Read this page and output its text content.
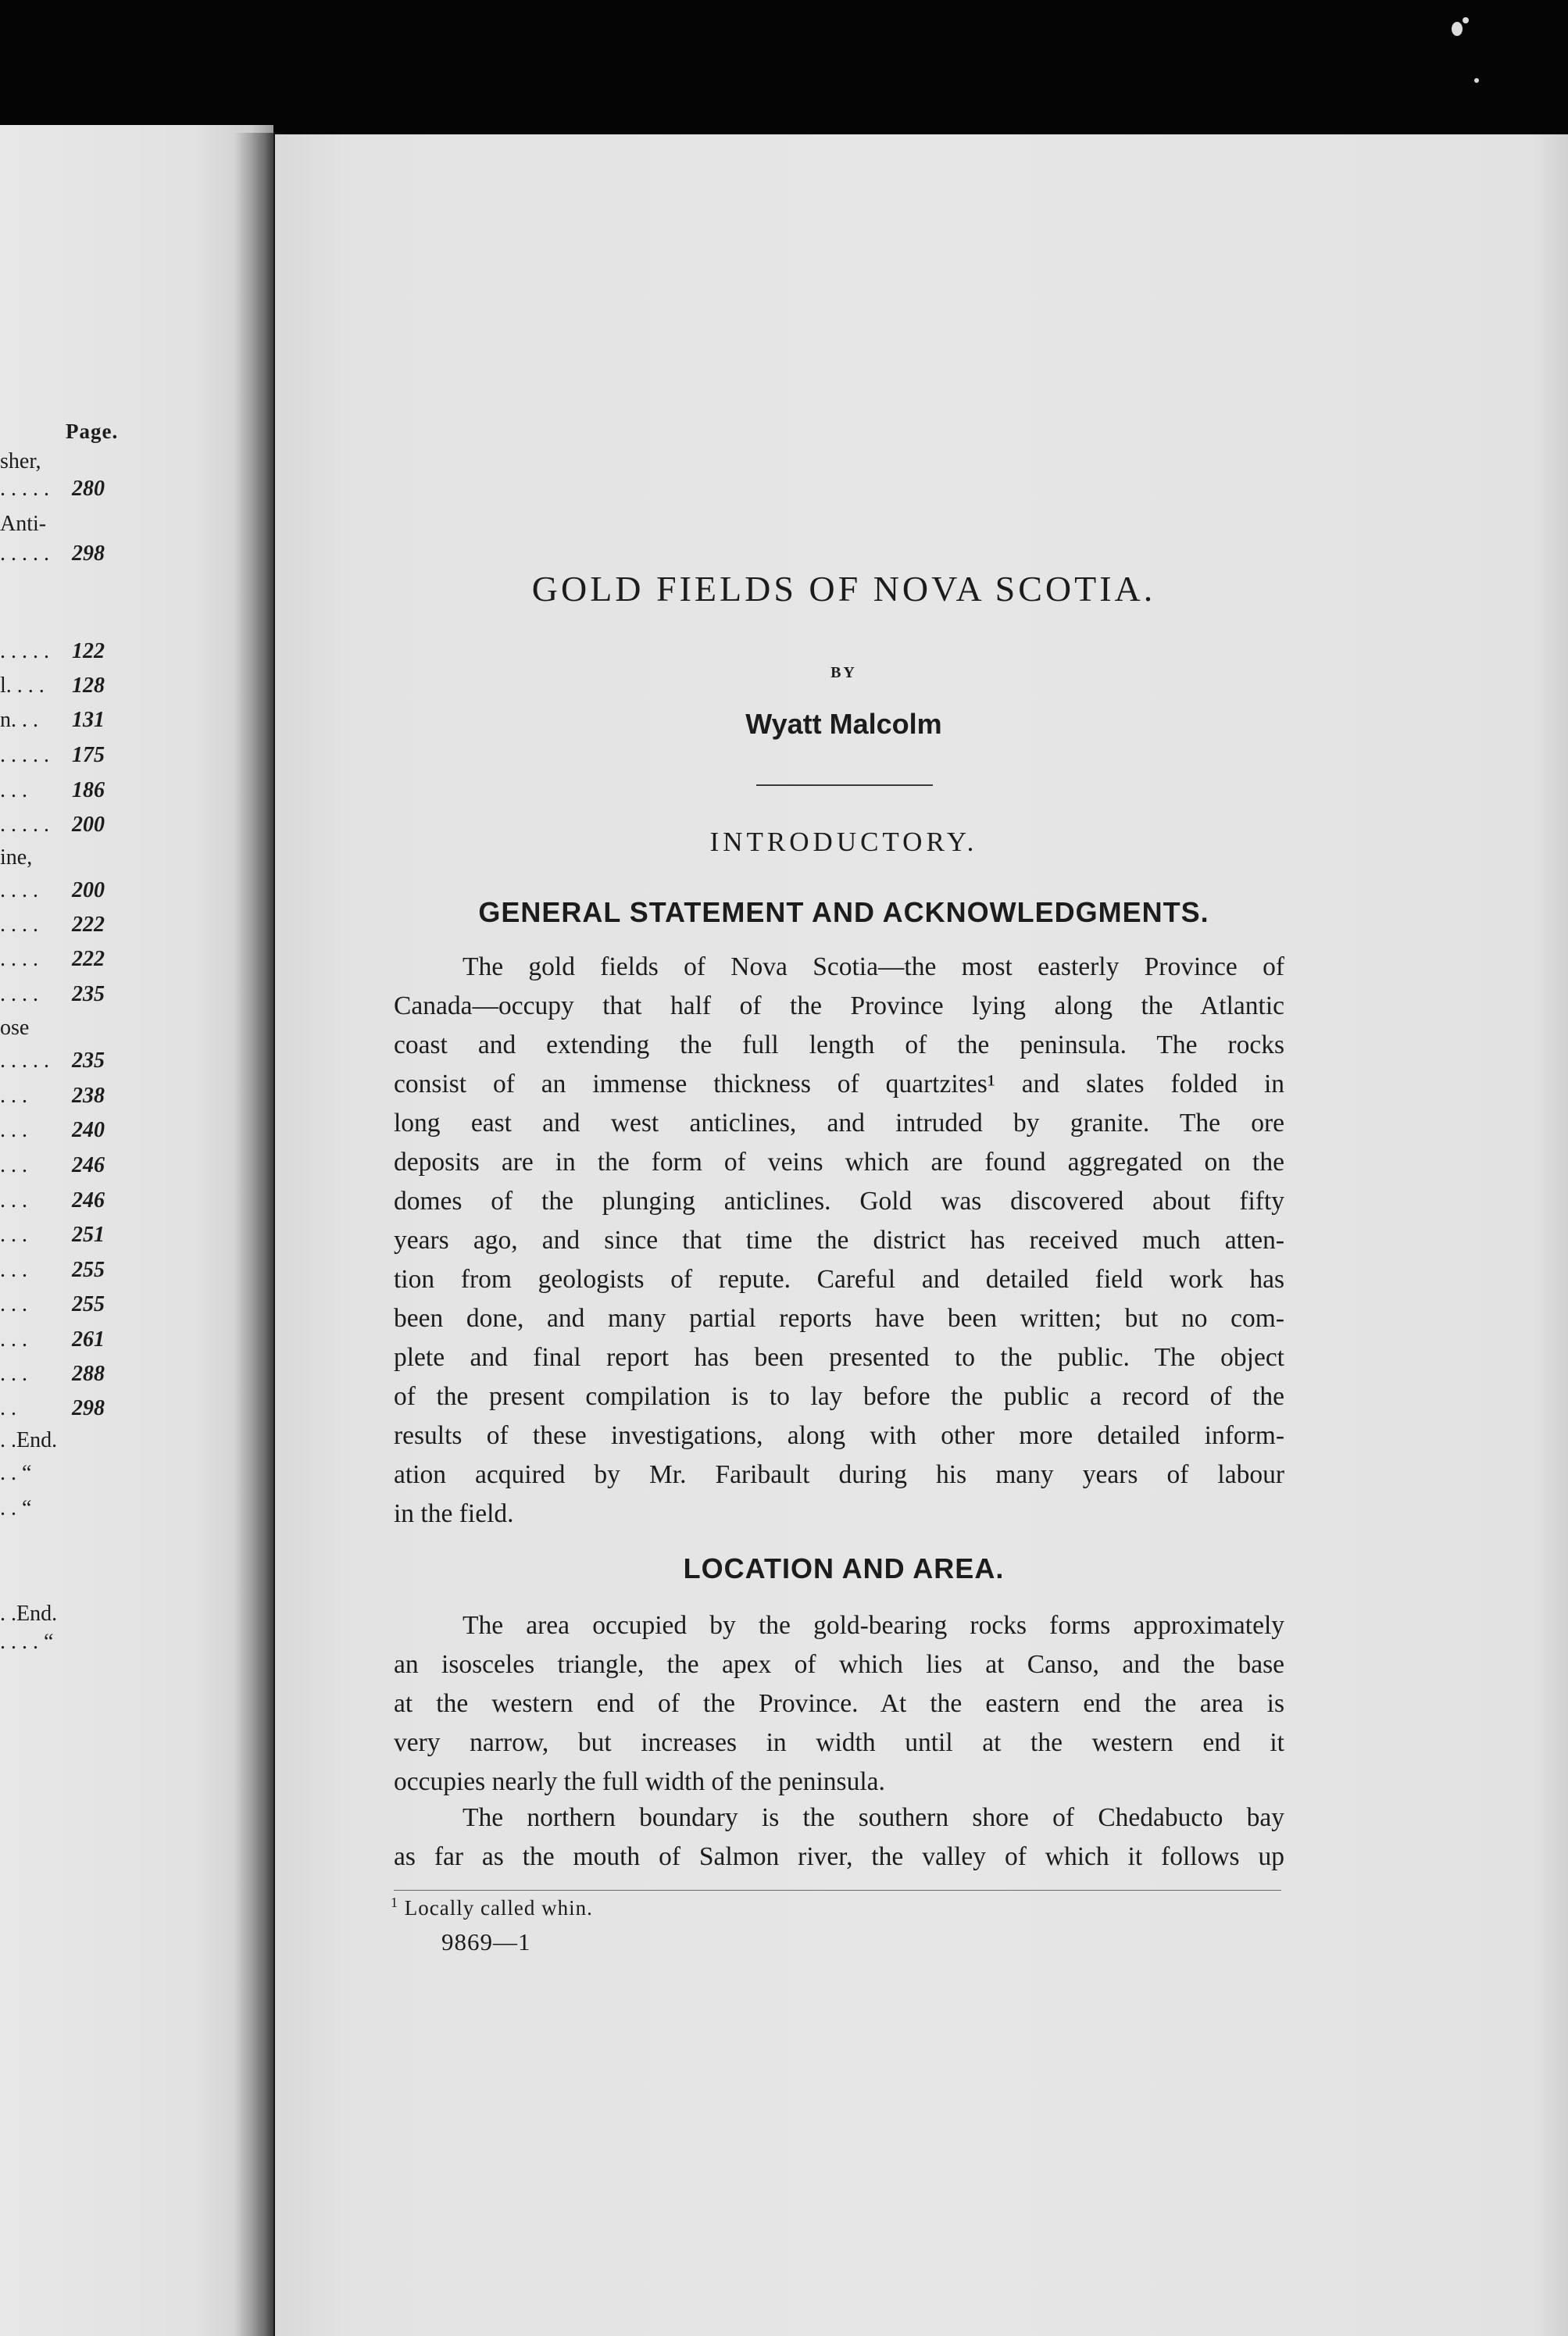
Page.
sher,
. . . . . 280
Anti-
. . . . . 298
. . . . . 122
l. . . . 128
n. . . 131
. . . . . 175
. . . 186
. . . . . 200
ine,
. . . . 200
. . . . 222
. . . . 222
. . . . 235
ose
. . . . . 235
. . . 238
. . . 240
. . . 246
. . . 246
. . . 251
. . . 255
. . . 255
. . . 261
. . . 288
. .	298
. .End.
. . “
. . “
. .End.
. . . . “
GOLD FIELDS OF NOVA SCOTIA.
BY
Wyatt Malcolm
INTRODUCTORY.
GENERAL STATEMENT AND ACKNOWLEDGMENTS.
The gold fields of Nova Scotia—the most easterly Province of
Canada—occupy that half of the Province lying along the Atlantic
coast and extending the full length of the peninsula. The rocks
consist of an immense thickness of quartzites¹ and slates folded in
long east and west anticlines, and intruded by granite. The ore
deposits are in the form of veins which are found aggregated on the
domes of the plunging anticlines. Gold was discovered about fifty
years ago, and since that time the district has received much atten-
tion from geologists of repute. Careful and detailed field work has
been done, and many partial reports have been written; but no com-
plete and final report has been presented to the public. The object
of the present compilation is to lay before the public a record of the
results of these investigations, along with other more detailed inform-
ation acquired by Mr. Faribault during his many years of labour
in the field.
LOCATION AND AREA.
The area occupied by the gold-bearing rocks forms approximately
an isosceles triangle, the apex of which lies at Canso, and the base
at the western end of the Province. At the eastern end the area is
very narrow, but increases in width until at the western end it
occupies nearly the full width of the peninsula.
The northern boundary is the southern shore of Chedabucto bay
as far as the mouth of Salmon river, the valley of which it follows up
$^1$ Locally called whin.
9869—1
